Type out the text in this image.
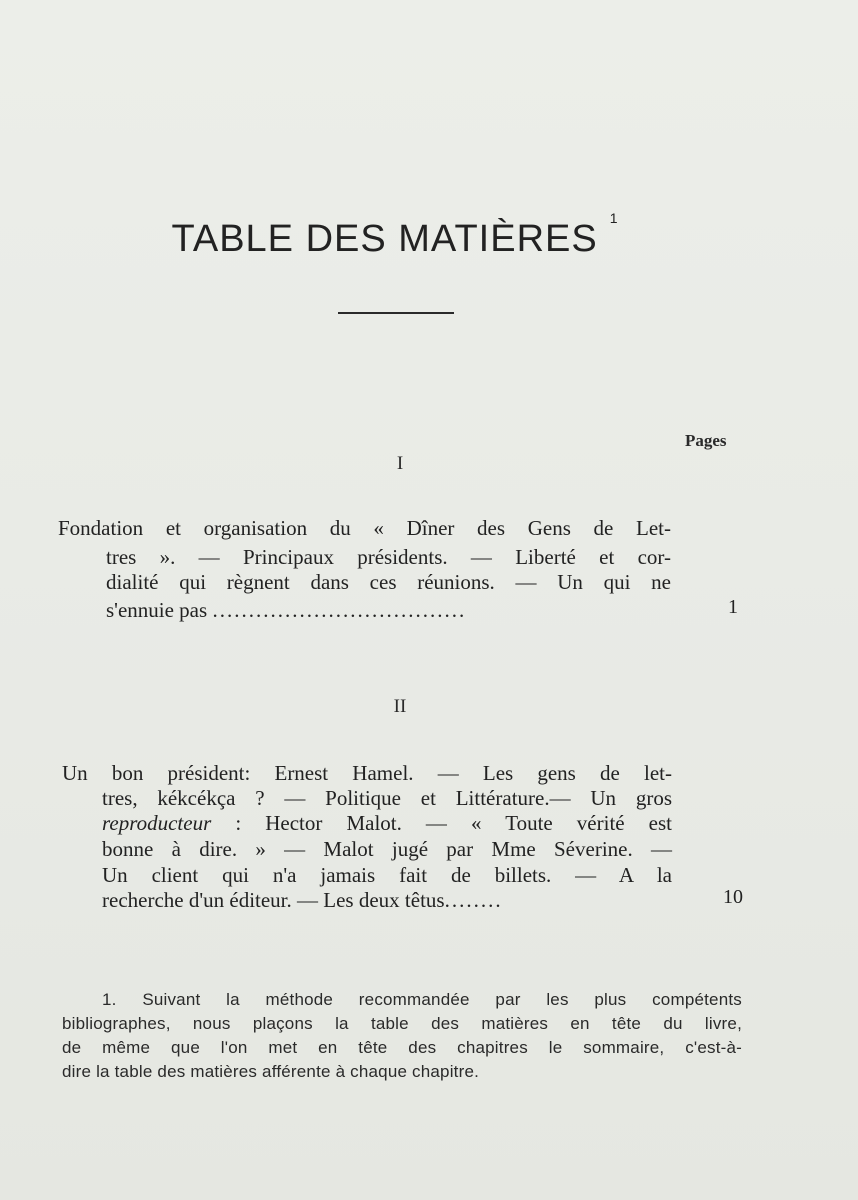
TABLE DES MATIÈRES $^1$
Pages
I
Fondation et organisation du « Dîner des Gens de Let-
tres ». — Principaux présidents. — Liberté et cor-
dialité qui règnent dans ces réunions. — Un qui ne
s'ennuie pas ...................................	1
II
Un bon président: Ernest Hamel. — Les gens de let-
tres, kékcékça ? — Politique et Littérature.— Un gros
reproducteur : Hector Malot. — « Toute vérité est
bonne à dire. » — Malot jugé par Mme Séverine. —
Un client qui n'a jamais fait de billets. — A la
recherche d'un éditeur. — Les deux têtus........	10
1. Suivant la méthode recommandée par les plus compétents
bibliographes, nous plaçons la table des matières en tête du livre,
de même que l'on met en tête des chapitres le sommaire, c'est-à-
dire la table des matières afférente à chaque chapitre.
